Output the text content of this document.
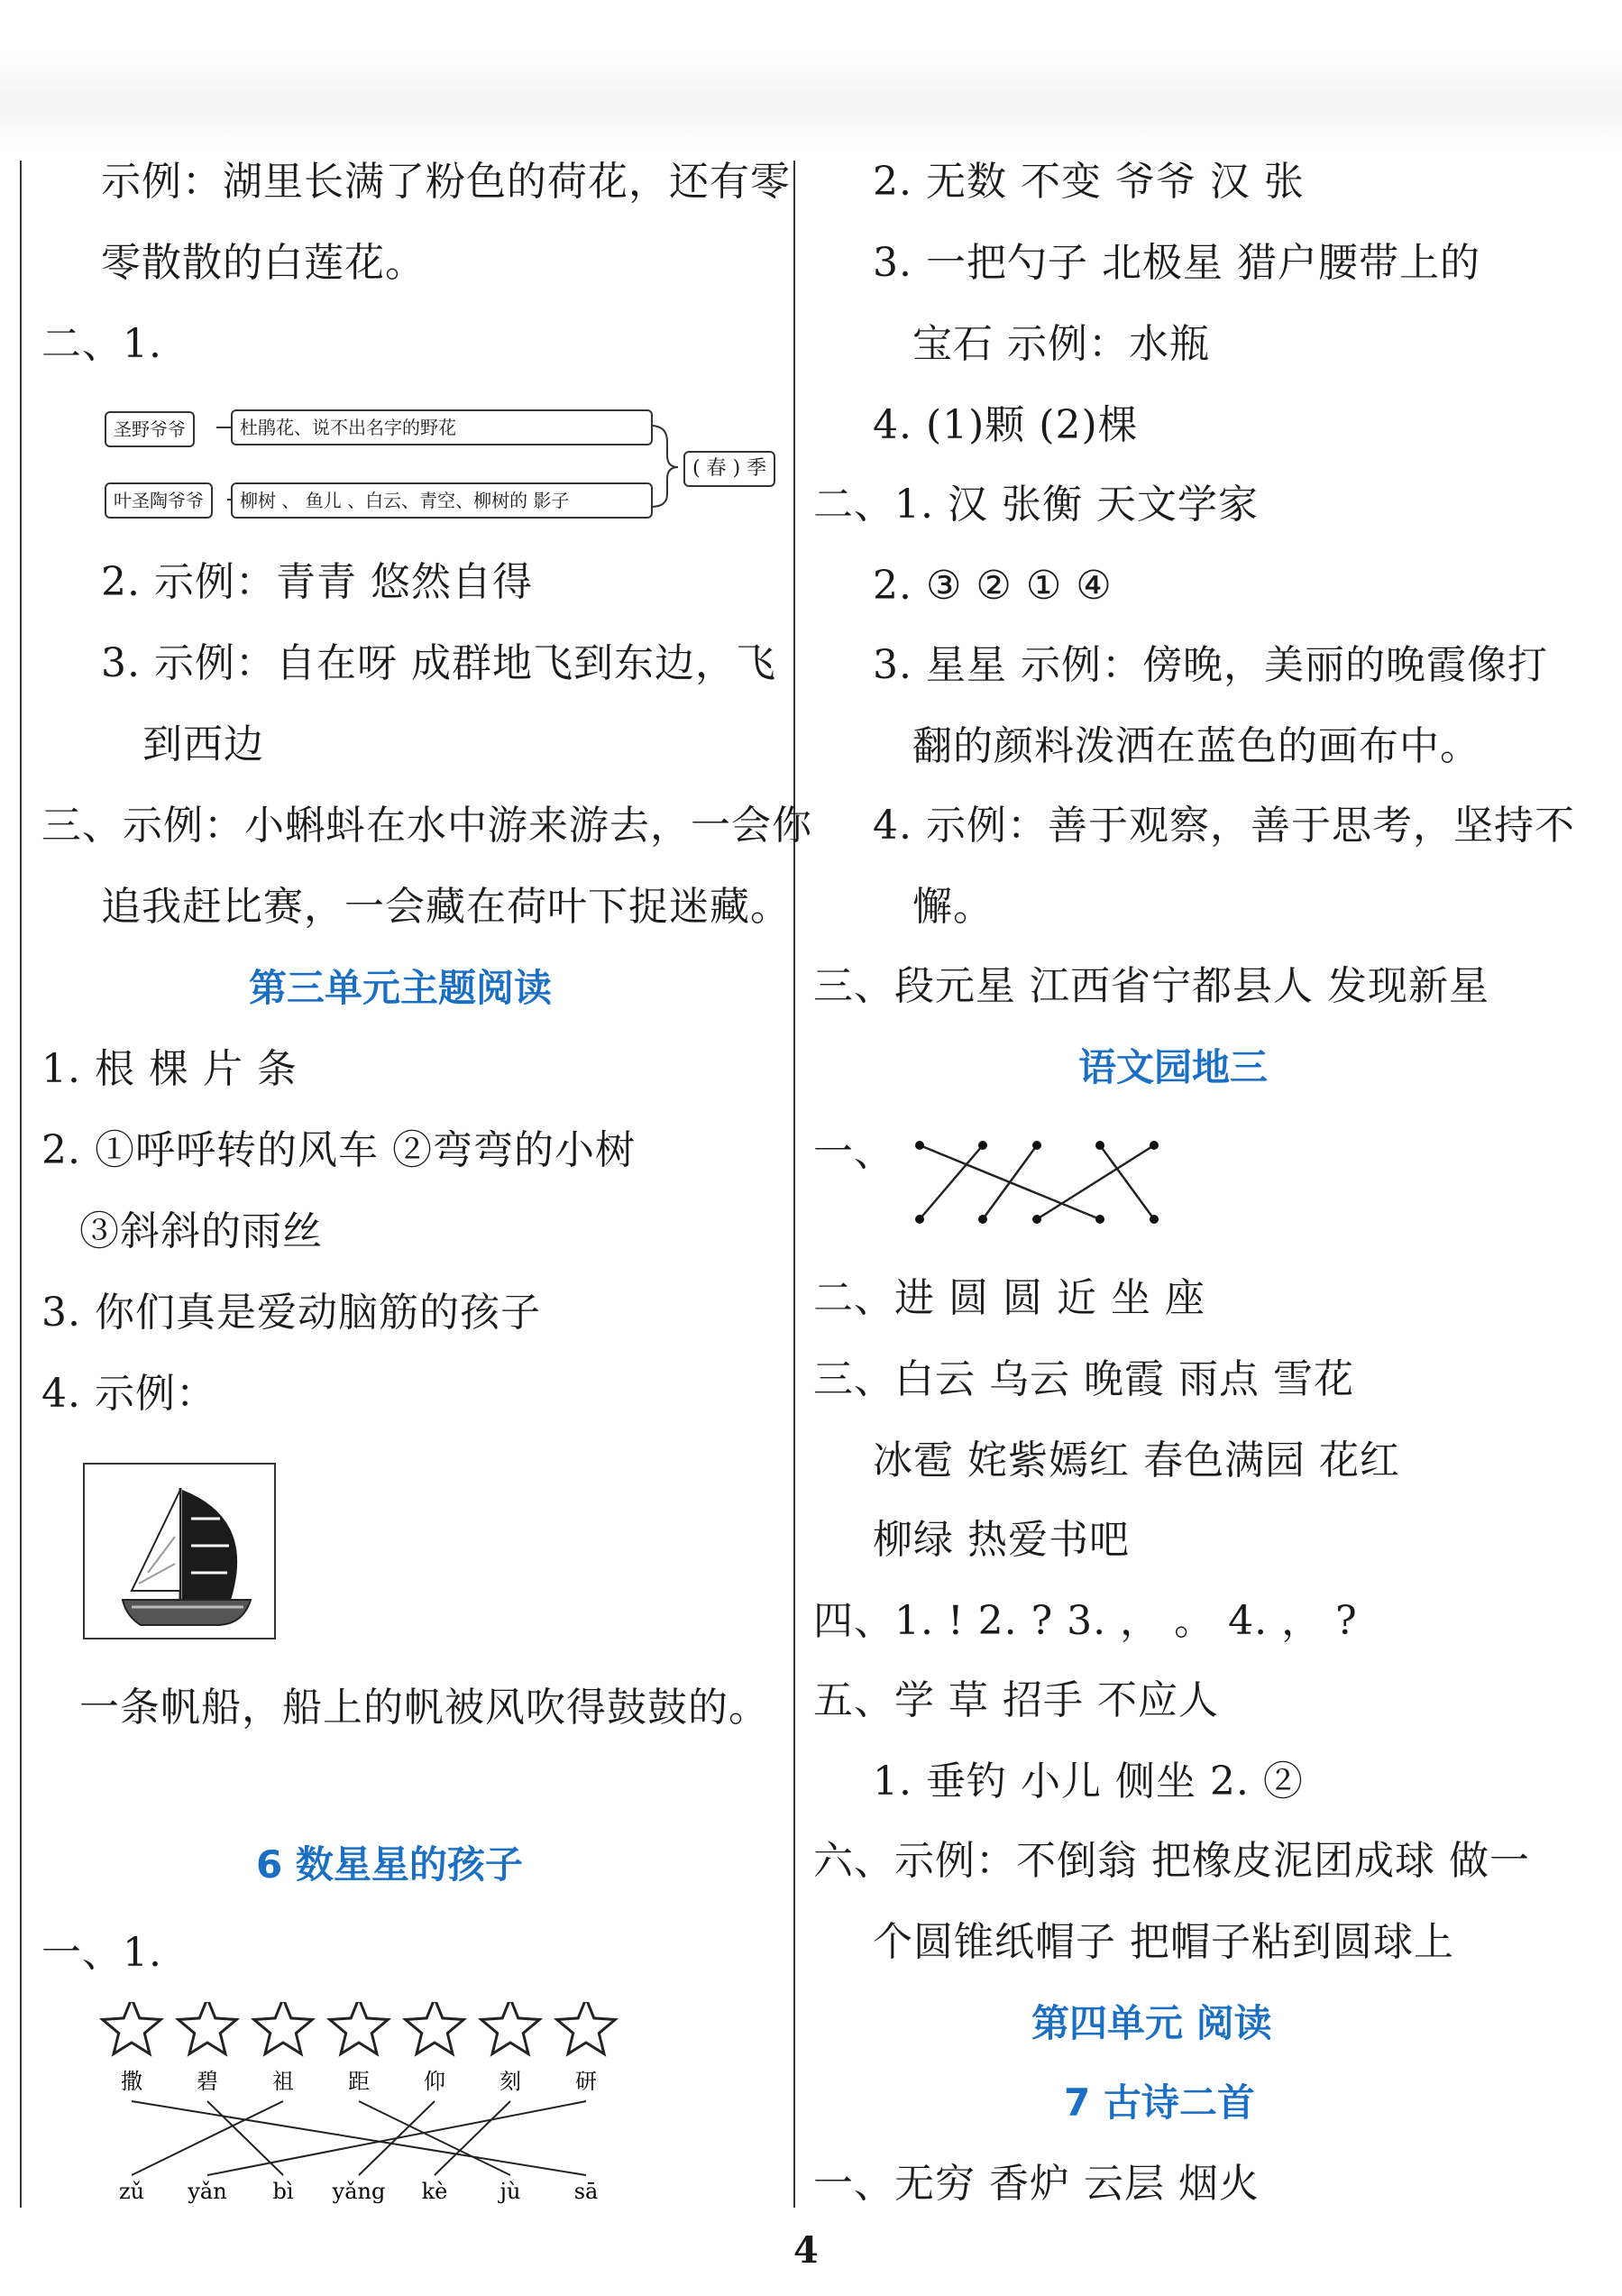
示例：湖里长满了粉色的荷花，还有零
零散散的白莲花。
二、1.
圣野爷爷	杜鹃花、说不出名字的野花
叶圣陶爷爷	柳树 、 鱼儿 、白云、青空、柳树的 影子
( 春 ) 季
2. 示例：青青 悠然自得
3. 示例：自在呀 成群地飞到东边，飞
到西边
三、示例：小蝌蚪在水中游来游去，一会你
追我赶比赛，一会藏在荷叶下捉迷藏。
第三单元主题阅读
1. 根 棵 片 条
2. ①呼呼转的风车 ②弯弯的小树
③斜斜的雨丝
3. 你们真是爱动脑筋的孩子
4. 示例：
一条帆船，船上的帆被风吹得鼓鼓的。
6 数星星的孩子
一、1.
撒	碧	祖	距	仰	刻	研
zǔ yǎn bì yǎng kè jù sā
2. 无数 不变 爷爷 汉 张
3. 一把勺子 北极星 猎户腰带上的
宝石 示例：水瓶
4. (1)颗 (2)棵
二、1. 汉 张衡 天文学家
2. ③ ② ① ④
3. 星星 示例：傍晚，美丽的晚霞像打
翻的颜料泼洒在蓝色的画布中。
4. 示例：善于观察，善于思考，坚持不
懈。
三、段元星 江西省宁都县人 发现新星
语文园地三
一、
二、进 圆 圆 近 坐 座
三、白云 乌云 晚霞 雨点 雪花
冰雹 姹紫嫣红 春色满园 花红
柳绿 热爱书吧
四、1. ! 2. ? 3. ， 。 4. ， ?
五、学 草 招手 不应人
1. 垂钓 小儿 侧坐 2. ②
六、示例：不倒翁 把橡皮泥团成球 做一
个圆锥纸帽子 把帽子粘到圆球上
第四单元 阅读
7 古诗二首
一、无穷 香炉 云层 烟火
4
